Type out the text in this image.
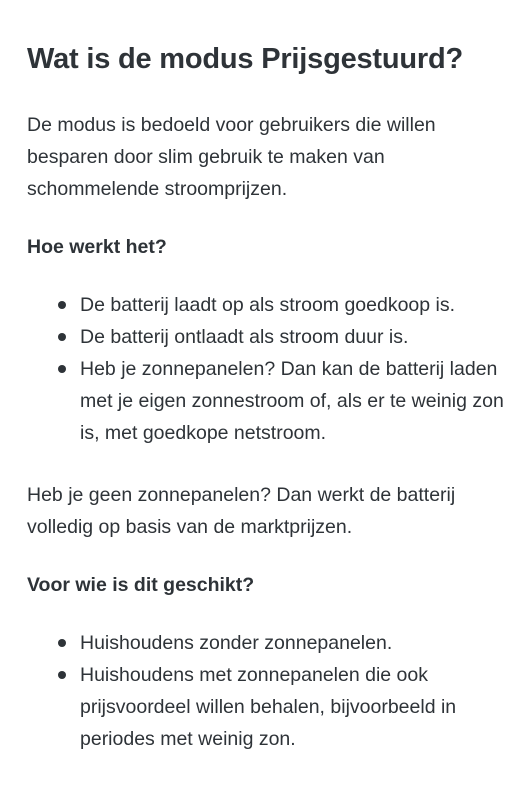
Wat is de modus Prijsgestuurd?

De modus is bedoeld voor gebruikers die willen besparen door slim gebruik te maken van schommelende stroomprijzen.

Hoe werkt het?

De batterij laadt op als stroom goedkoop is.
De batterij ontlaadt als stroom duur is.
Heb je zonnepanelen? Dan kan de batterij laden met je eigen zonnestroom of, als er te weinig zon is, met goedkope netstroom.

Heb je geen zonnepanelen? Dan werkt de batterij volledig op basis van de marktprijzen.

Voor wie is dit geschikt?

Huishoudens zonder zonnepanelen.
Huishoudens met zonnepanelen die ook prijsvoordeel willen behalen, bijvoorbeeld in periodes met weinig zon.
